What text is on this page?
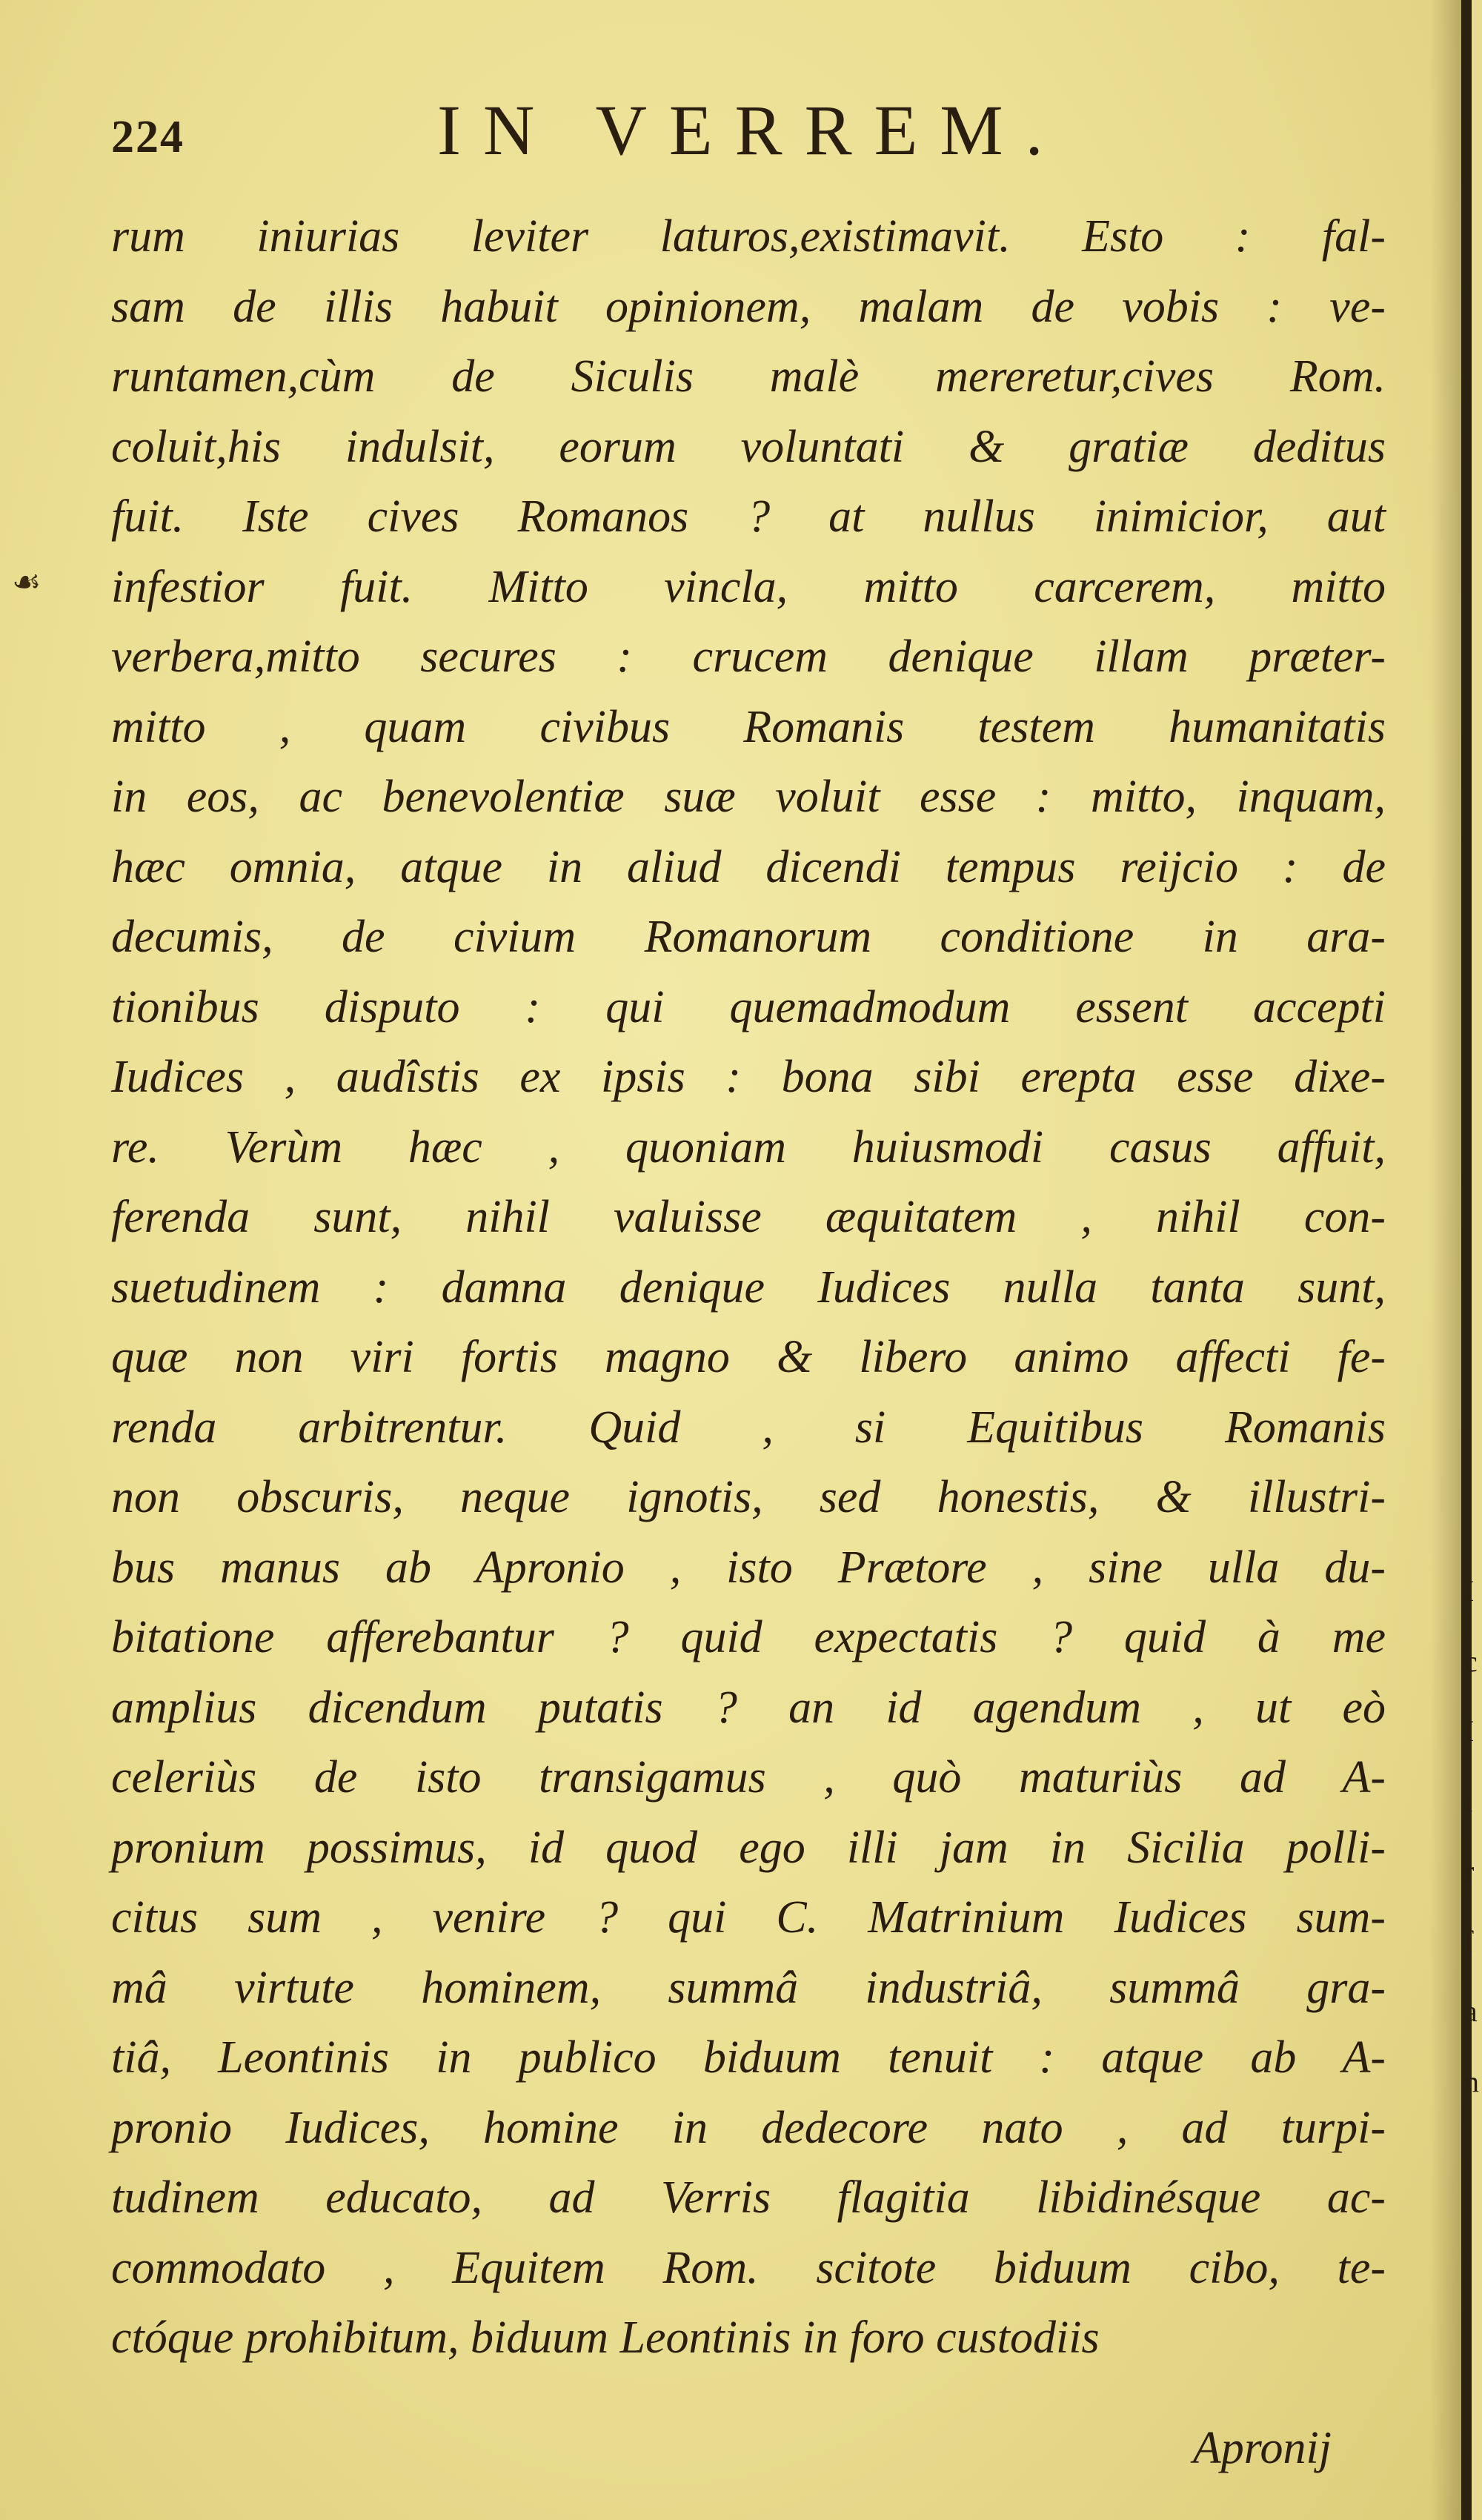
224	IN VERREM.
☙
rum iniurias leviter laturos,existimavit. Esto : fal-
sam de illis habuit opinionem, malam de vobis : ve-
runtamen,cùm de Siculis malè mereretur,cives Rom.
coluit,his indulsit, eorum voluntati & gratiæ deditus
fuit. Iste cives Romanos ? at nullus inimicior, aut
infestior fuit. Mitto vincla, mitto carcerem, mitto
verbera,mitto secures : crucem denique illam præter-
mitto , quam civibus Romanis testem humanitatis
in eos, ac benevolentiæ suæ voluit esse : mitto, inquam,
hæc omnia, atque in aliud dicendi tempus reijcio : de
decumis, de civium Romanorum conditione in ara-
tionibus disputo : qui quemadmodum essent accepti
Iudices , audîstis ex ipsis : bona sibi erepta esse dixe-
re. Verùm hæc , quoniam huiusmodi casus affuit,
ferenda sunt, nihil valuisse æquitatem , nihil con-
suetudinem : damna denique Iudices nulla tanta sunt,
quæ non viri fortis magno & libero animo affecti fe-
renda arbitrentur. Quid , si Equitibus Romanis
non obscuris, neque ignotis, sed honestis, & illustri-
bus manus ab Apronio , isto Prætore , sine ulla du-
bitatione afferebantur ? quid expectatis ? quid à me
amplius dicendum putatis ? an id agendum , ut eò
celeriùs de isto transigamus , quò maturiùs ad A-
pronium possimus, id quod ego illi jam in Sicilia polli-
citus sum , venire ? qui C. Matrinium Iudices sum-
mâ virtute hominem, summâ industriâ, summâ gra-
tiâ, Leontinis in publico biduum tenuit : atque ab A-
pronio Iudices, homine in dedecore nato , ad turpi-
tudinem educato, ad Verris flagitia libidinésque ac-
commodato , Equitem Rom. scitote biduum cibo, te-
ctóque prohibitum, biduum Leontinis in foro custodiis
Apronij
I
c
I
i
r
ſ
a
n
